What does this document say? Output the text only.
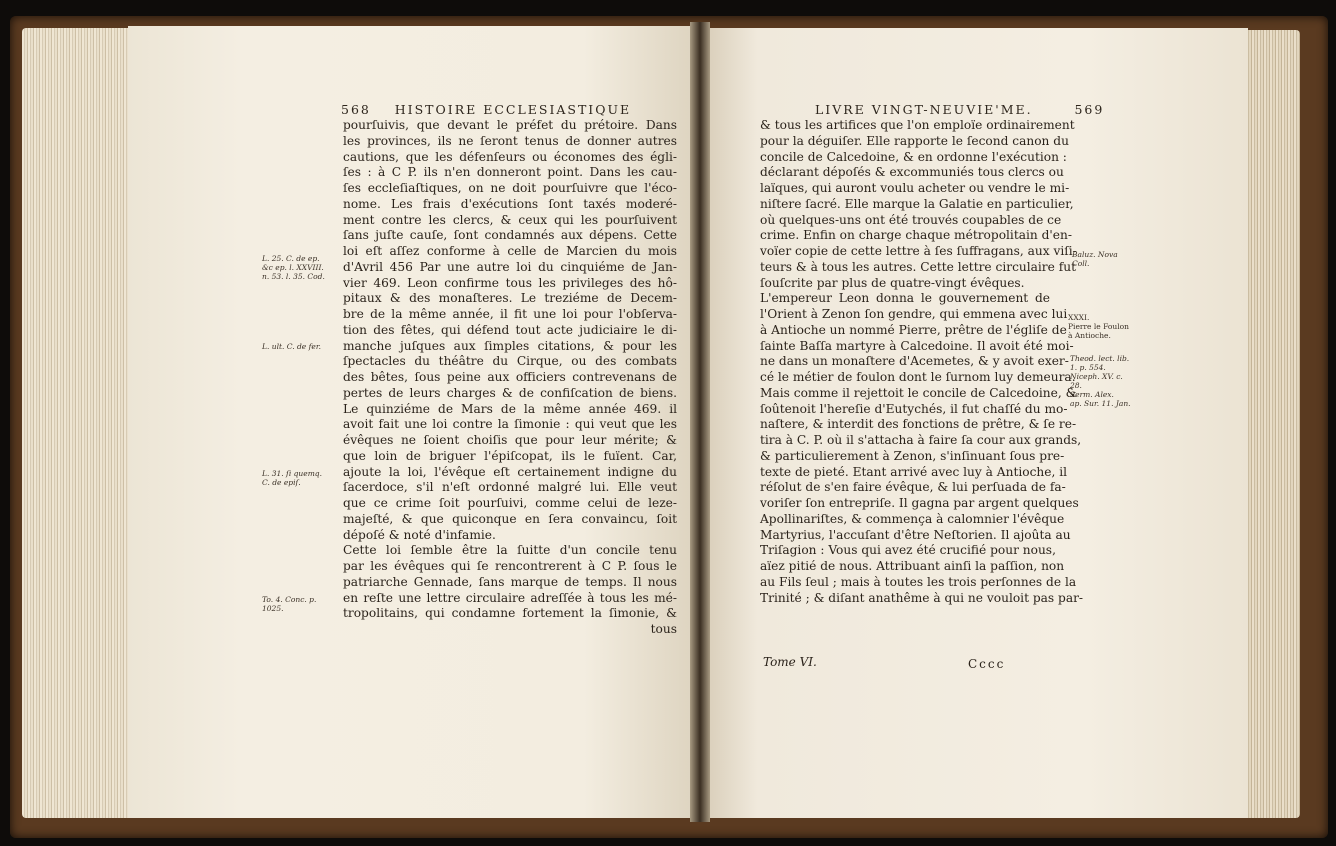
568 HISTOIRE ECCLESIASTIQUE
pourſuivis, que devant le préfet du prétoire. Dans
les provinces, ils ne ſeront tenus de donner autres
cautions, que les défenſeurs ou économes des égli-
ſes : à C P. ils n'en donneront point. Dans les cau-
ſes eccleſiaſtiques, on ne doit pourſuivre que l'éco-
nome. Les frais d'exécutions ſont taxés moderé-
ment contre les clercs, & ceux qui les pourſuivent
ſans juſte cauſe, ſont condamnés aux dépens. Cette
loi eſt aſſez conforme à celle de Marcien du mois
d'Avril 456 Par une autre loi du cinquiéme de Jan-
vier 469. Leon confirme tous les privileges des hô-
pitaux & des monaſteres. Le treziéme de Decem-
bre de la même année, il fit une loi pour l'obſerva-
tion des fêtes, qui défend tout acte judiciaire le di-
manche juſques aux ſimples citations, & pour les
ſpectacles du théâtre du Cirque, ou des combats
des bêtes, ſous peine aux officiers contrevenans de
pertes de leurs charges & de confiſcation de biens.
Le quinziéme de Mars de la même année 469. il
avoit fait une loi contre la ſimonie : qui veut que les
évêques ne ſoient choiſis que pour leur mérite; &
que loin de briguer l'épiſcopat, ils le fuïent. Car,
ajoute la loi, l'évêque eſt certainement indigne du
ſacerdoce, s'il n'eſt ordonné malgré lui. Elle veut
que ce crime ſoit pourſuivi, comme celui de leze-
majeſté, & que quiconque en ſera convaincu, ſoit
dépoſé & noté d'infamie.
Cette loi ſemble être la ſuitte d'un concile tenu
par les évêques qui ſe rencontrerent à C P. ſous le
patriarche Gennade, ſans marque de temps. Il nous
en reſte une lettre circulaire adreſſée à tous les mé-
tropolitains, qui condamne fortement la ſimonie, &
tous
L. 25. C. de ep.
&c ep. l. XXVIII.
n. 53. l. 35. Cod.
L. ult. C. de fer.
L. 31. ſi quemq.
C. de epiſ.
To. 4. Conc. p.
1025.
LIVRE VINGT-NEUVIE'ME.	569
& tous les artifices que l'on emploïe ordinairement
pour la déguiſer. Elle rapporte le ſecond canon du
concile de Calcedoine, & en ordonne l'exécution :
déclarant dépoſés & excommuniés tous clercs ou
laïques, qui auront voulu acheter ou vendre le mi-
niſtere ſacré. Elle marque la Galatie en particulier,
où quelques-uns ont été trouvés coupables de ce
crime. Enfin on charge chaque métropolitain d'en-
voïer copie de cette lettre à ſes ſuffragans, aux viſi-
teurs & à tous les autres. Cette lettre circulaire fut
ſouſcrite par plus de quatre-vingt évêques.
L'empereur Leon donna le gouvernement de
l'Orient à Zenon ſon gendre, qui emmena avec lui
à Antioche un nommé Pierre, prêtre de l'égliſe de
ſainte Baſſa martyre à Calcedoine. Il avoit été moi-
ne dans un monaſtere d'Acemetes, & y avoit exer-
cé le métier de foulon dont le ſurnom luy demeura.
Mais comme il rejettoit le concile de Calcedoine, &
ſoûtenoit l'hereſie d'Eutychés, il fut chaſſé du mo-
naſtere, & interdit des fonctions de prêtre, & ſe re-
tira à C. P. où il s'attacha à faire ſa cour aux grands,
& particulierement à Zenon, s'inſinuant ſous pre-
texte de pieté. Etant arrivé avec luy à Antioche, il
réſolut de s'en faire évêque, & lui perſuada de fa-
voriſer ſon entrepriſe. Il gagna par argent quelques
Apollinariſtes, & commença à calomnier l'évêque
Martyrius, l'accuſant d'être Neſtorien. Il ajoûta au
Triſagion : Vous qui avez été crucifié pour nous,
aïez pitié de nous. Attribuant ainſi la paſſion, non
au Fils ſeul ; mais à toutes les trois perſonnes de la
Trinité ; & diſant anathême à qui ne vouloit pas par-
Tome VI.	Cccc
Baluz. Nova
Coll.
XXXI.
Pierre le Foulon
à Antioche.
Theod. lect. lib.
1. p. 554.
Niceph. XV. c.
28.
Serm. Alex.
ap. Sur. 11. Jan.
